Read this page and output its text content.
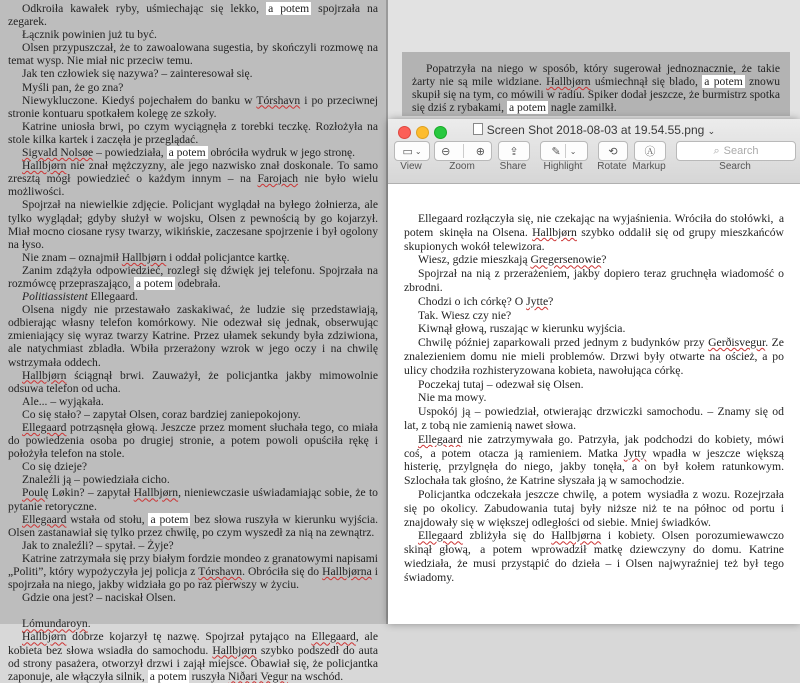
Odkroiła kawałek ryby, uśmiechając się lekko, a potem spojrzała na zegarek.

Łącznik powinien już tu być.

Olsen przypuszczał, że to zawoalowana sugestia, by skończyli rozmowę na temat wysp. Nie miał nic przeciw temu.

Jak ten człowiek się nazywa? – zainteresował się.

Myśli pan, że go zna?

Niewykluczone. Kiedyś pojechałem do banku w Tórshavn i po przeciwnej stronie kontuaru spotkałem kolegę ze szkoły.

Katrine uniosła brwi, po czym wyciągnęła z torebki teczkę. Rozłożyła na stole kilka kartek i zaczęła je przeglądać.

Sigvald Nolsøe – powiedziała, a potem obróciła wydruk w jego stronę.

Hallbjørn nie znał mężczyzny, ale jego nazwisko znał doskonale. To samo zresztą mógł powiedzieć o każdym innym – na Farojach nie było wielu możliwości.

Spojrzał na niewielkie zdjęcie. Policjant wyglądał na byłego żołnierza, ale tylko wyglądał; gdyby służył w wojsku, Olsen z pewnością by go kojarzył. Miał mocno ciosane rysy twarzy, wikińskie, zaczesane spojrzenie i był ogolony na łyso.

Nie znam – oznajmił Hallbjørn i oddał policjantce kartkę.

Zanim zdążyła odpowiedzieć, rozległ się dźwięk jej telefonu. Spojrzała na rozmówcę przepraszająco, a potem odebrała.

Politiassistent Ellegaard.

Olsena nigdy nie przestawało zaskakiwać, że ludzie się przedstawiają, odbierając własny telefon komórkowy. Nie odezwał się jednak, obserwując zmieniający się wyraz twarzy Katrine. Przez ułamek sekundy była zdziwiona, ale natychmiast zbladła. Wbiła przerażony wzrok w jego oczy i na chwilę wstrzymała oddech.

Hallbjørn ściągnął brwi. Zauważył, że policjantka jakby mimowolnie odsuwa telefon od ucha.

Ale... – wyjąkała.

Co się stało? – zapytał Olsen, coraz bardziej zaniepokojony.

Ellegaard potrząsnęła głową. Jeszcze przez moment słuchała tego, co miała do powiedzenia osoba po drugiej stronie, a potem powoli opuściła rękę i położyła telefon na stole.

Co się dzieje?

Znaleźli ją – powiedziała cicho.

Poulę Løkin? – zapytał Hallbjørn, nieniewczasie uświadamiając sobie, że to pytanie retoryczne.

Ellegaard wstała od stołu, a potem bez słowa ruszyła w kierunku wyjścia. Olsen zastanawiał się tylko przez chwilę, po czym wyszedł za nią na zewnątrz.

Jak to znaleźli? – spytał. – Żyje?

Katrine zatrzymała się przy białym fordzie mondeo z granatowymi napisami „Politi”, który wypożyczyła jej policja z Tórshavn. Obróciła się do Hallbjørna i spojrzała na niego, jakby widziała go po raz pierwszy w życiu.

Gdzie ona jest? – naciskał Olsen.

Lómundaroyn.

Hallbjørn dobrze kojarzył tę nazwę. Spojrzał pytająco na Ellegaard, ale kobieta bez słowa wsiadła do samochodu. Hallbjørn szybko podszedł do auta od strony pasażera, otworzył drzwi i zajął miejsce. Obawiał się, że policjantka zaponuje, ale włączyła silnik, a potem ruszyła Niðari Vegur na wschód.

Popatrzyła na niego w sposób, który sugerował jednoznacznie, że takie żarty nie są mile widziane. Hallbjørn uśmiechnął się blado, a potem znowu skupił się na tym, co mówili w radiu. Spiker dodał jeszcze, że burmistrz spotka się dziś z rybakami, a potem nagle zamilkł.

Screen Shot 2018-08-03 at 19.54.55.png ⌄
▭ ⌄
View
⊖ ⊕
Zoom
⇪
Share
✎ ⌄
Highlight
⟲
Rotate
Ⓐ
Markup
⌕ Search
Search

Ellegaard rozłączyła się, nie czekając na wyjaśnienia. Wróciła do stołówki, a potem skinęła na Olsena. Hallbjørn szybko oddalił się od grupy mieszkańców skupionych wokół telewizora.

Wiesz, gdzie mieszkają Gregersenowie?

Spojrzał na nią z przerażeniem, jakby dopiero teraz gruchnęła wiadomość o zbrodni.

Chodzi o ich córkę? O Jytte?

Tak. Wiesz czy nie?

Kiwnął głową, ruszając w kierunku wyjścia.

Chwilę później zaparkowali przed jednym z budynków przy Gerðisvegur. Ze znalezieniem domu nie mieli problemów. Drzwi były otwarte na oścież, a po ulicy chodziła rozhisteryzowana kobieta, nawołująca córkę.

Poczekaj tutaj – odezwał się Olsen.

Nie ma mowy.

Uspokój ją – powiedział, otwierając drzwiczki samochodu. – Znamy się od lat, z tobą nie zamienią nawet słowa.

Ellegaard nie zatrzymywała go. Patrzyła, jak podchodzi do kobiety, mówi coś, a potem otacza ją ramieniem. Matka Jytty wpadła w jeszcze większą histerię, przylgnęła do niego, jakby tonęła, a on był kołem ratunkowym. Szlochała tak głośno, że Katrine słyszała ją w samochodzie.

Policjantka odczekała jeszcze chwilę, a potem wysiadła z wozu. Rozejrzała się po okolicy. Zabudowania tutaj były niższe niż te na północ od portu i znajdowały się w większej odległości od siebie. Mniej świadków.

Ellegaard zbliżyła się do Hallbjørna i kobiety. Olsen porozumiewawczo skinął głową, a potem wprowadził matkę dziewczyny do domu. Katrine wiedziała, że musi przystąpić do dzieła – i Olsen najwyraźniej też był tego świadomy.
